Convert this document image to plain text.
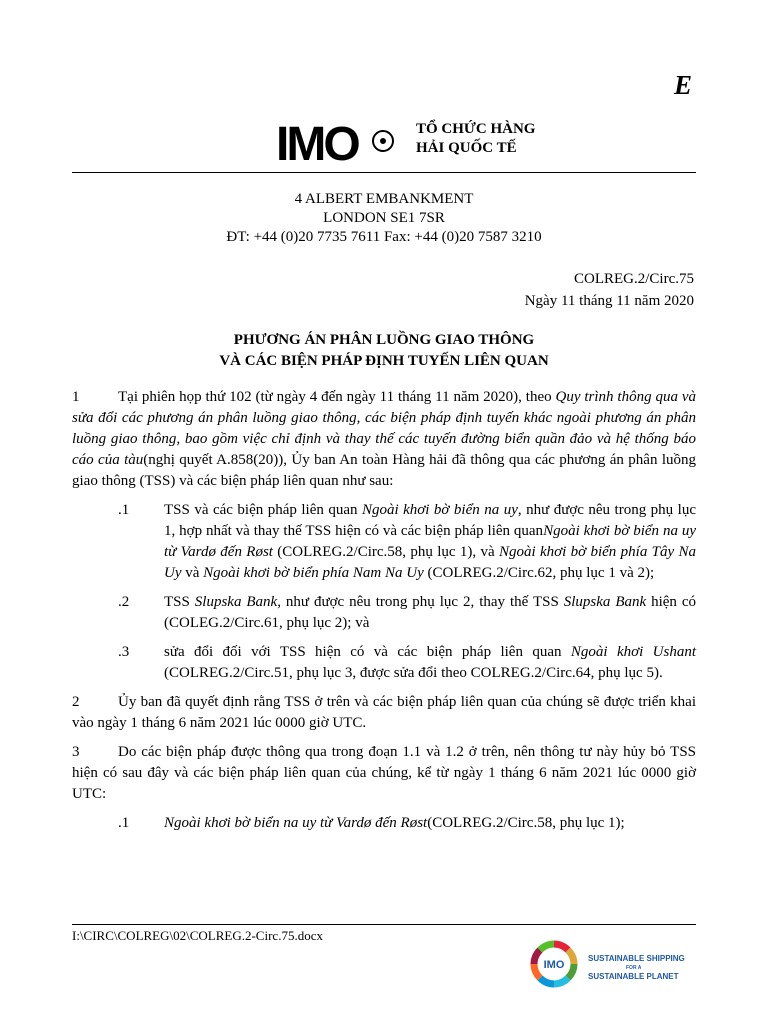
E
IMO	TỔ CHỨC HÀNG
HẢI QUỐC TẾ
4 ALBERT EMBANKMENT
LONDON SE1 7SR
ĐT: +44 (0)20 7735 7611 Fax: +44 (0)20 7587 3210
COLREG.2/Circ.75
Ngày 11 tháng 11 năm 2020
PHƯƠNG ÁN PHÂN LUỒNG GIAO THÔNG
VÀ CÁC BIỆN PHÁP ĐỊNH TUYẾN LIÊN QUAN

1	Tại phiên họp thứ 102 (từ ngày 4 đến ngày 11 tháng 11 năm 2020), theo Quy trình thông qua và sửa đổi các phương án phân luồng giao thông, các biện pháp định tuyến khác ngoài phương án phân luồng giao thông, bao gồm việc chỉ định và thay thế các tuyến đường biển quần đảo và hệ thống báo cáo của tàu(nghị quyết A.858(20)), Ủy ban An toàn Hàng hải đã thông qua các phương án phân luồng giao thông (TSS) và các biện pháp liên quan như sau:

.1	TSS và các biện pháp liên quan Ngoài khơi bờ biển na uy, như được nêu trong phụ lục 1, hợp nhất và thay thế TSS hiện có và các biện pháp liên quanNgoài khơi bờ biển na uy từ Vardø đến Røst (COLREG.2/Circ.58, phụ lục 1), và Ngoài khơi bờ biển phía Tây Na Uy và Ngoài khơi bờ biển phía Nam Na Uy (COLREG.2/Circ.62, phụ lục 1 và 2);
.2	TSS Slupska Bank, như được nêu trong phụ lục 2, thay thế TSS Slupska Bank hiện có (COLEG.2/Circ.61, phụ lục 2); và
.3	sửa đổi đối với TSS hiện có và các biện pháp liên quan Ngoài khơi Ushant (COLREG.2/Circ.51, phụ lục 3, được sửa đổi theo COLREG.2/Circ.64, phụ lục 5).

2	Ủy ban đã quyết định rằng TSS ở trên và các biện pháp liên quan của chúng sẽ được triển khai vào ngày 1 tháng 6 năm 2021 lúc 0000 giờ UTC.

3	Do các biện pháp được thông qua trong đoạn 1.1 và 1.2 ở trên, nên thông tư này hủy bỏ TSS hiện có sau đây và các biện pháp liên quan của chúng, kể từ ngày 1 tháng 6 năm 2021 lúc 0000 giờ UTC:

.1	Ngoài khơi bờ biển na uy từ Vardø đến Røst(COLREG.2/Circ.58, phụ lục 1);
I:\CIRC\COLREG\02\COLREG.2-Circ.75.docx
IMO
SUSTAINABLE SHIPPING
FOR A
SUSTAINABLE PLANET
